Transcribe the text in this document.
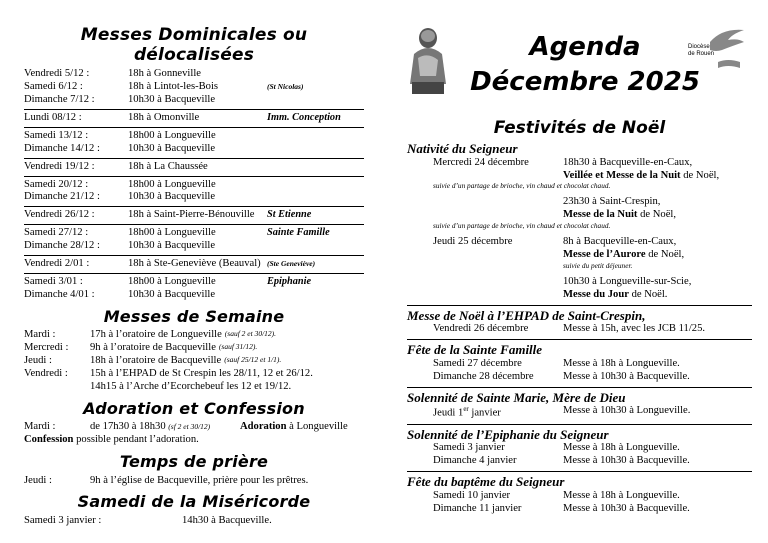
Messes Dominicales ou délocalisées
Vendredi 5/12 :	18h à Gonneville
Samedi 6/12 :	18h à Lintot-les-Bois	(St Nicolas)
Dimanche 7/12 :	10h30 à Bacqueville
Lundi 08/12 :	18h à Omonville	Imm. Conception
Samedi 13/12 :	18h00 à Longueville
Dimanche 14/12 :	10h30 à Bacqueville
Vendredi 19/12 :	18h à La Chaussée
Samedi 20/12 :	18h00 à Longueville
Dimanche 21/12 :	10h30 à Bacqueville
Vendredi 26/12 :	18h à Saint-Pierre-Bénouville	St Etienne
Samedi 27/12 :	18h00 à Longueville	Sainte Famille
Dimanche 28/12 :	10h30 à Bacqueville
Vendredi 2/01 :	18h à Ste-Geneviève (Beauval) (Ste Geneviève)
Samedi 3/01 :	18h00 à Longueville	Epiphanie
Dimanche 4/01 :	10h30 à Bacqueville
Messes de Semaine
Mardi :	17h à l’oratoire de Longueville (sauf 2 et 30/12).
Mercredi :	9h à l’oratoire de Bacqueville (sauf 31/12).
Jeudi :	18h à l’oratoire de Bacqueville (sauf 25/12 et 1/1).
Vendredi :	15h à l’EHPAD de St Crespin les 28/11, 12 et 26/12.
14h15 à l’Arche d’Ecorchebeuf les 12 et 19/12.
Adoration et Confession
Mardi :	de 17h30 à 18h30 (sf 2 et 30/12)	Adoration à Longueville
Confession possible pendant l’adoration.
Temps de prière
Jeudi :	9h à l’église de Bacqueville, prière pour les prêtres.
Samedi de la Miséricorde
Samedi 3 janvier :	14h30 à Bacqueville.
Agenda
Décembre 2025
Diocèse
de Rouen
Festivités de Noël
Nativité du Seigneur
Mercredi 24 décembre	18h30 à Bacqueville-en-Caux,
Veillée et Messe de la Nuit de Noël,
suivie d’un partage de brioche, vin chaud et chocolat chaud.
23h30 à Saint-Crespin,
Messe de la Nuit de Noël,
suivie d’un partage de brioche, vin chaud et chocolat chaud.
Jeudi 25 décembre	8h à Bacqueville-en-Caux,
Messe de l’Aurore de Noël,
suivie du petit déjeuner.
10h30 à Longueville-sur-Scie,
Messe du Jour de Noël.
Messe de Noël à l’EHPAD de Saint-Crespin,
Vendredi 26 décembre	Messe à 15h, avec les JCB 11/25.
Fête de la Sainte Famille
Samedi 27 décembre	Messe à 18h à Longueville.
Dimanche 28 décembre	Messe à 10h30 à Bacqueville.
Solennité de Sainte Marie, Mère de Dieu
Jeudi 1er janvier	Messe à 10h30 à Longueville.
Solennité de l’Epiphanie du Seigneur
Samedi 3 janvier	Messe à 18h à Longueville.
Dimanche 4 janvier	Messe à 10h30 à Bacqueville.
Fête du baptême du Seigneur
Samedi 10 janvier	Messe à 18h à Longueville.
Dimanche 11 janvier	Messe à 10h30 à Bacqueville.
